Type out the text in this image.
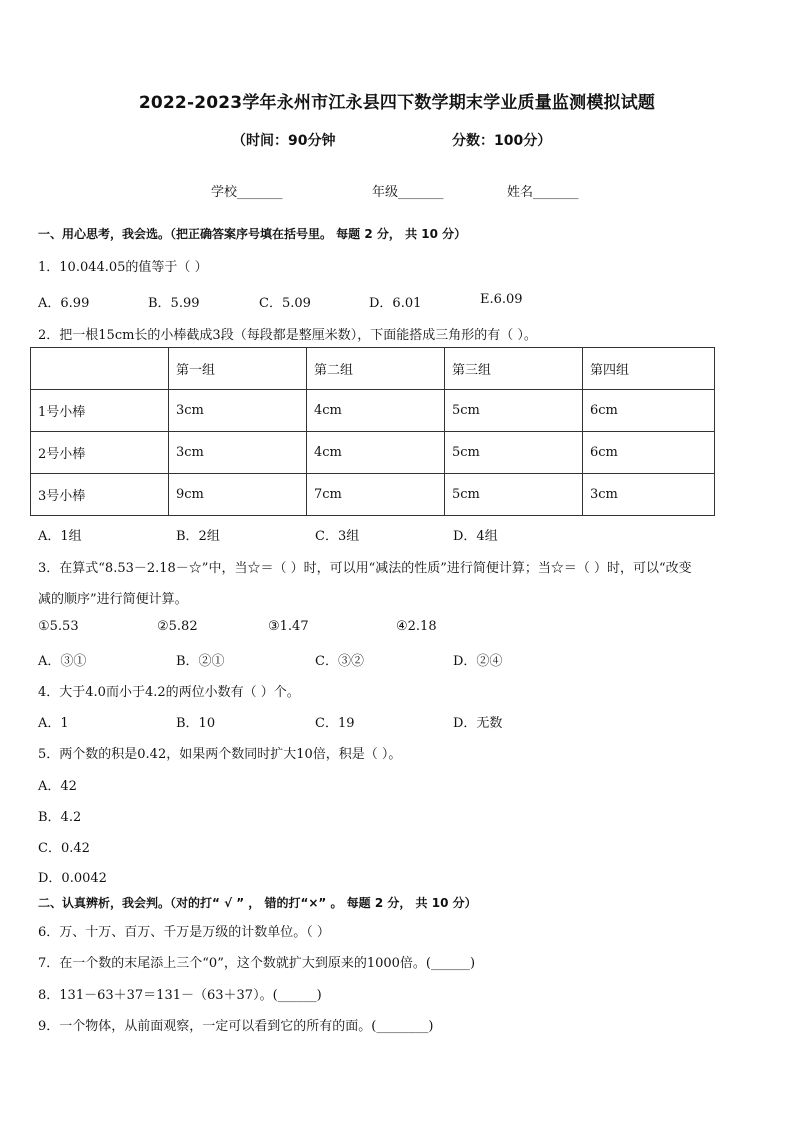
2022-2023学年永州市江永县四下数学期末学业质量监测模拟试题
（时间：90分钟	分数：100分）
学校_______	年级_______	姓名_______
一、用心思考，我会选。（把正确答案序号填在括号里。 每题 2 分， 共 10 分）
1．10.044.05的值等于（ ）
A．6.99	B．5.99	C．5.09	D．6.01	E.6.09
2．把一根15cm长的小棒截成3段（每段都是整厘米数），下面能搭成三角形的有（ ）。
	第一组	第二组	第三组	第四组
1号小棒	3cm	4cm	5cm	6cm
2号小棒	3cm	4cm	5cm	6cm
3号小棒	9cm	7cm	5cm	3cm
A．1组	B．2组	C．3组	D．4组
3．在算式“8.53－2.18－☆”中，当☆＝（ ）时，可以用“减法的性质”进行简便计算；当☆＝（ ）时，可以“改变
减的顺序”进行简便计算。
①5.53	②5.82	③1.47	④2.18
A．③①	B．②①	C．③②	D．②④
4．大于4.0而小于4.2的两位小数有（ ）个。
A．1	B．10	C．19	D．无数
5．两个数的积是0.42，如果两个数同时扩大10倍，积是（ ）。
A．42
B．4.2
C．0.42
D．0.0042
二、认真辨析，我会判。（对的打“ √ ” ， 错的打“×” 。 每题 2 分， 共 10 分）
6．万、十万、百万、千万是万级的计数单位。（ ）
7．在一个数的末尾添上三个“0”，这个数就扩大到原来的1000倍。(______)
8．131－63＋37＝131－（63＋37）。(______)
9．一个物体，从前面观察，一定可以看到它的所有的面。(________)
